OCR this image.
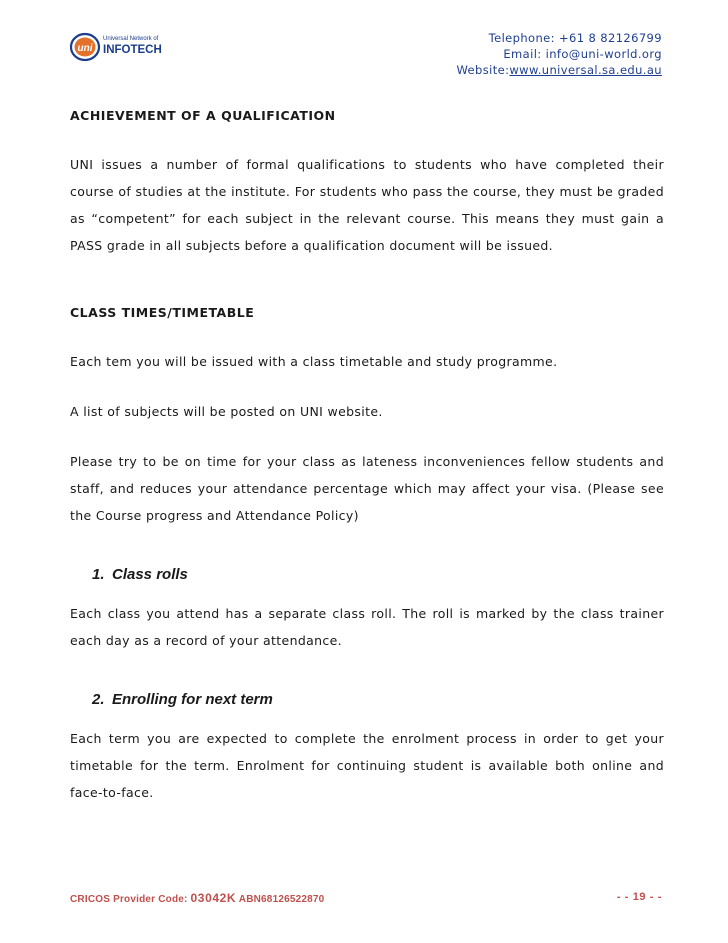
uni
Universal Network of
INFOTECH
Telephone: +61 8 82126799
Email: info@uni-world.org
Website:www.universal.sa.edu.au
ACHIEVEMENT OF A QUALIFICATION

UNI issues a number of formal qualifications to students who have completed their course of studies at the institute. For students who pass the course, they must be graded as “competent” for each subject in the relevant course. This means they must gain a PASS grade in all subjects before a qualification document will be issued.

CLASS TIMES/TIMETABLE

Each tem you will be issued with a class timetable and study programme.

A list of subjects will be posted on UNI website.

Please try to be on time for your class as lateness inconveniences fellow students and staff, and reduces your attendance percentage which may affect your visa. (Please see the Course progress and Attendance Policy)

1. Class rolls

Each class you attend has a separate class roll. The roll is marked by the class trainer each day as a record of your attendance.

2. Enrolling for next term

Each term you are expected to complete the enrolment process in order to get your timetable for the term. Enrolment for continuing student is available both online and face-to-face.

CRICOS Provider Code: 03042K ABN68126522870	- - 19 - -
